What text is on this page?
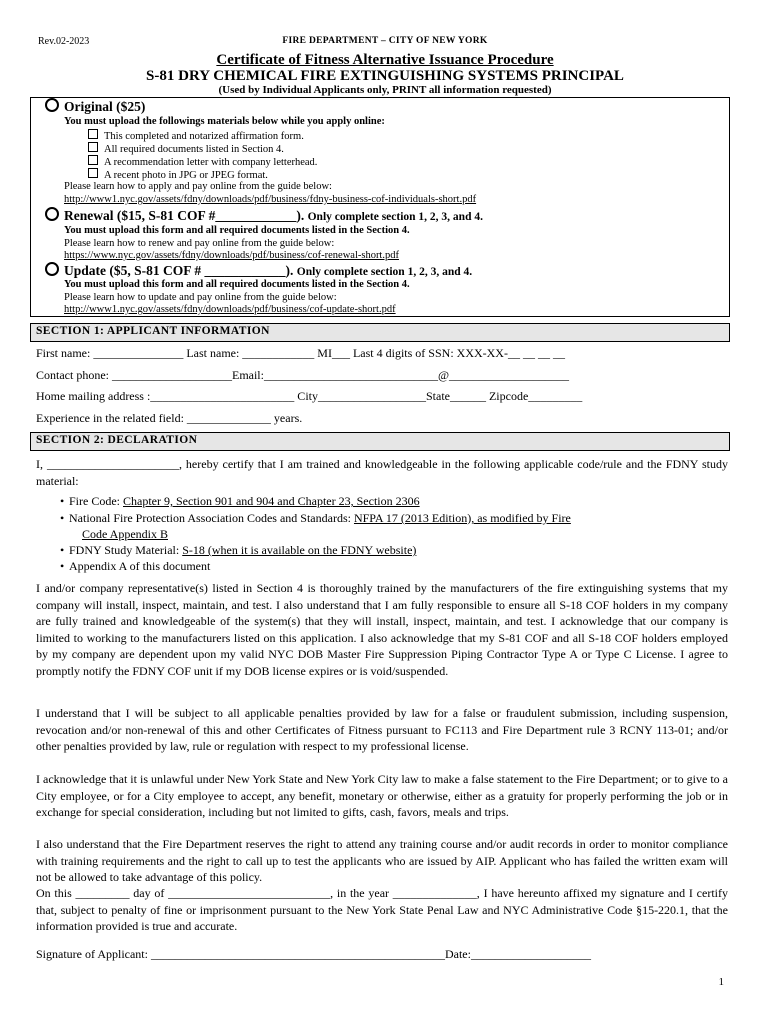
Rev.02-2023	FIRE DEPARTMENT – CITY OF NEW YORK
Certificate of Fitness Alternative Issuance Procedure
S-81 DRY CHEMICAL FIRE EXTINGUISHING SYSTEMS PRINCIPAL
(Used by Individual Applicants only, PRINT all information requested)
Original ($25)
You must upload the followings materials below while you apply online:
This completed and notarized affirmation form.
All required documents listed in Section 4.
A recommendation letter with company letterhead.
A recent photo in JPG or JPEG format.
Please learn how to apply and pay online from the guide below:
http://www1.nyc.gov/assets/fdny/downloads/pdf/business/fdny-business-cof-individuals-short.pdf
Renewal ($15, S-81 COF #____________). Only complete section 1, 2, 3, and 4.
You must upload this form and all required documents listed in the Section 4.
Please learn how to renew and pay online from the guide below:
https://www.nyc.gov/assets/fdny/downloads/pdf/business/cof-renewal-short.pdf
Update ($5, S-81 COF # ____________). Only complete section 1, 2, 3, and 4.
You must upload this form and all required documents listed in the Section 4.
Please learn how to update and pay online from the guide below:
http://www1.nyc.gov/assets/fdny/downloads/pdf/business/cof-update-short.pdf
SECTION 1: APPLICANT INFORMATION
First name: _______________ Last name: ____________ MI___ Last 4 digits of SSN: XXX-XX-__ __ __ __
Contact phone: ____________________Email:_____________________________@____________________
Home mailing address :________________________ City__________________State______ Zipcode_________
Experience in the related field: ______________ years.
SECTION 2: DECLARATION

I, ______________________, hereby certify that I am trained and knowledgeable in the following applicable code/rule and the FDNY study material:

• Fire Code: Chapter 9, Section 901 and 904 and Chapter 23, Section 2306
• National Fire Protection Association Codes and Standards: NFPA 17 (2013 Edition), as modified by Fire
Code Appendix B
• FDNY Study Material: S-18 (when it is available on the FDNY website)
• Appendix A of this document

I and/or company representative(s) listed in Section 4 is thoroughly trained by the manufacturers of the fire extinguishing systems that my company will install, inspect, maintain, and test. I also understand that I am fully responsible to ensure all S-18 COF holders in my company are fully trained and knowledgeable of the system(s) that they will install, inspect, maintain, and test. I acknowledge that our company is limited to working to the manufacturers listed on this application. I also acknowledge that my S-81 COF and all S-18 COF holders employed by my company are dependent upon my valid NYC DOB Master Fire Suppression Piping Contractor Type A or Type C License. I agree to promptly notify the FDNY COF unit if my DOB license expires or is void/suspended.

I understand that I will be subject to all applicable penalties provided by law for a false or fraudulent submission, including suspension, revocation and/or non-renewal of this and other Certificates of Fitness pursuant to FC113 and Fire Department rule 3 RCNY 113-01; and/or other penalties provided by law, rule or regulation with respect to my professional license.

I acknowledge that it is unlawful under New York State and New York City law to make a false statement to the Fire Department; or to give to a City employee, or for a City employee to accept, any benefit, monetary or otherwise, either as a gratuity for properly performing the job or in exchange for special consideration, including but not limited to gifts, cash, favors, meals and trips.

I also understand that the Fire Department reserves the right to attend any training course and/or audit records in order to monitor compliance with training requirements and the right to call up to test the applicants who are issued by AIP. Applicant who has failed the written exam will not be allowed to take advantage of this policy.

On this _________ day of ___________________________, in the year ______________, I have hereunto affixed my signature and I certify that, subject to penalty of fine or imprisonment pursuant to the New York State Penal Law and NYC Administrative Code §15-220.1, that the information provided is true and accurate.

Signature of Applicant: _________________________________________________Date:____________________
1
